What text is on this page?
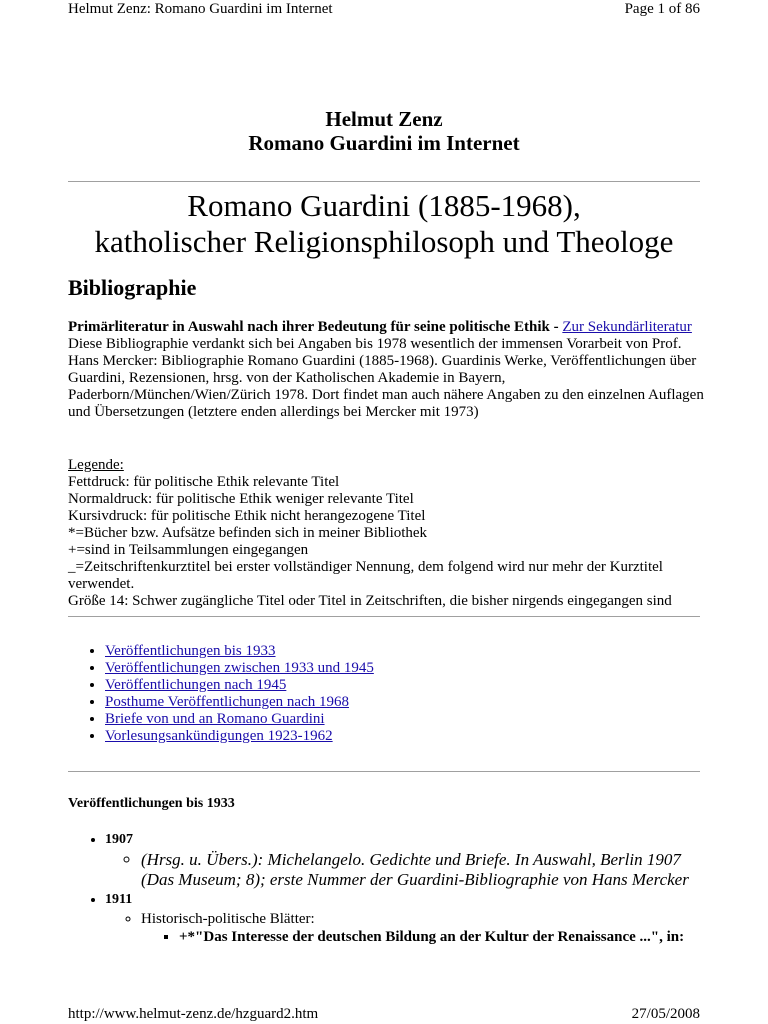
Helmut Zenz: Romano Guardini im Internet	Page 1 of 86
Helmut Zenz
Romano Guardini im Internet
Romano Guardini (1885-1968),
katholischer Religionsphilosoph und Theologe
Bibliographie
Primärliteratur in Auswahl nach ihrer Bedeutung für seine politische Ethik - Zur Sekundärliteratur
Diese Bibliographie verdankt sich bei Angaben bis 1978 wesentlich der immensen Vorarbeit von Prof. Hans Mercker: Bibliographie Romano Guardini (1885-1968). Guardinis Werke, Veröffentlichungen über Guardini, Rezensionen, hrsg. von der Katholischen Akademie in Bayern, Paderborn/München/Wien/Zürich 1978. Dort findet man auch nähere Angaben zu den einzelnen Auflagen und Übersetzungen (letztere enden allerdings bei Mercker mit 1973)
Legende:
Fettdruck: für politische Ethik relevante Titel
Normaldruck: für politische Ethik weniger relevante Titel
Kursivdruck: für politische Ethik nicht herangezogene Titel
*=Bücher bzw. Aufsätze befinden sich in meiner Bibliothek
+=sind in Teilsammlungen eingegangen
_=Zeitschriftenkurztitel bei erster vollständiger Nennung, dem folgend wird nur mehr der Kurztitel verwendet.
Größe 14: Schwer zugängliche Titel oder Titel in Zeitschriften, die bisher nirgends eingegangen sind
• Veröffentlichungen bis 1933
• Veröffentlichungen zwischen 1933 und 1945
• Veröffentlichungen nach 1945
• Posthume Veröffentlichungen nach 1968
• Briefe von und an Romano Guardini
• Vorlesungsankündigungen 1923-1962
Veröffentlichungen bis 1933
• 1907
◦ (Hrsg. u. Übers.): Michelangelo. Gedichte und Briefe. In Auswahl, Berlin 1907 (Das Museum; 8); erste Nummer der Guardini-Bibliographie von Hans Mercker
• 1911
◦ Historisch-politische Blätter:
▪ +*"Das Interesse der deutschen Bildung an der Kultur der Renaissance ...", in:
http://www.helmut-zenz.de/hzguard2.htm	27/05/2008
